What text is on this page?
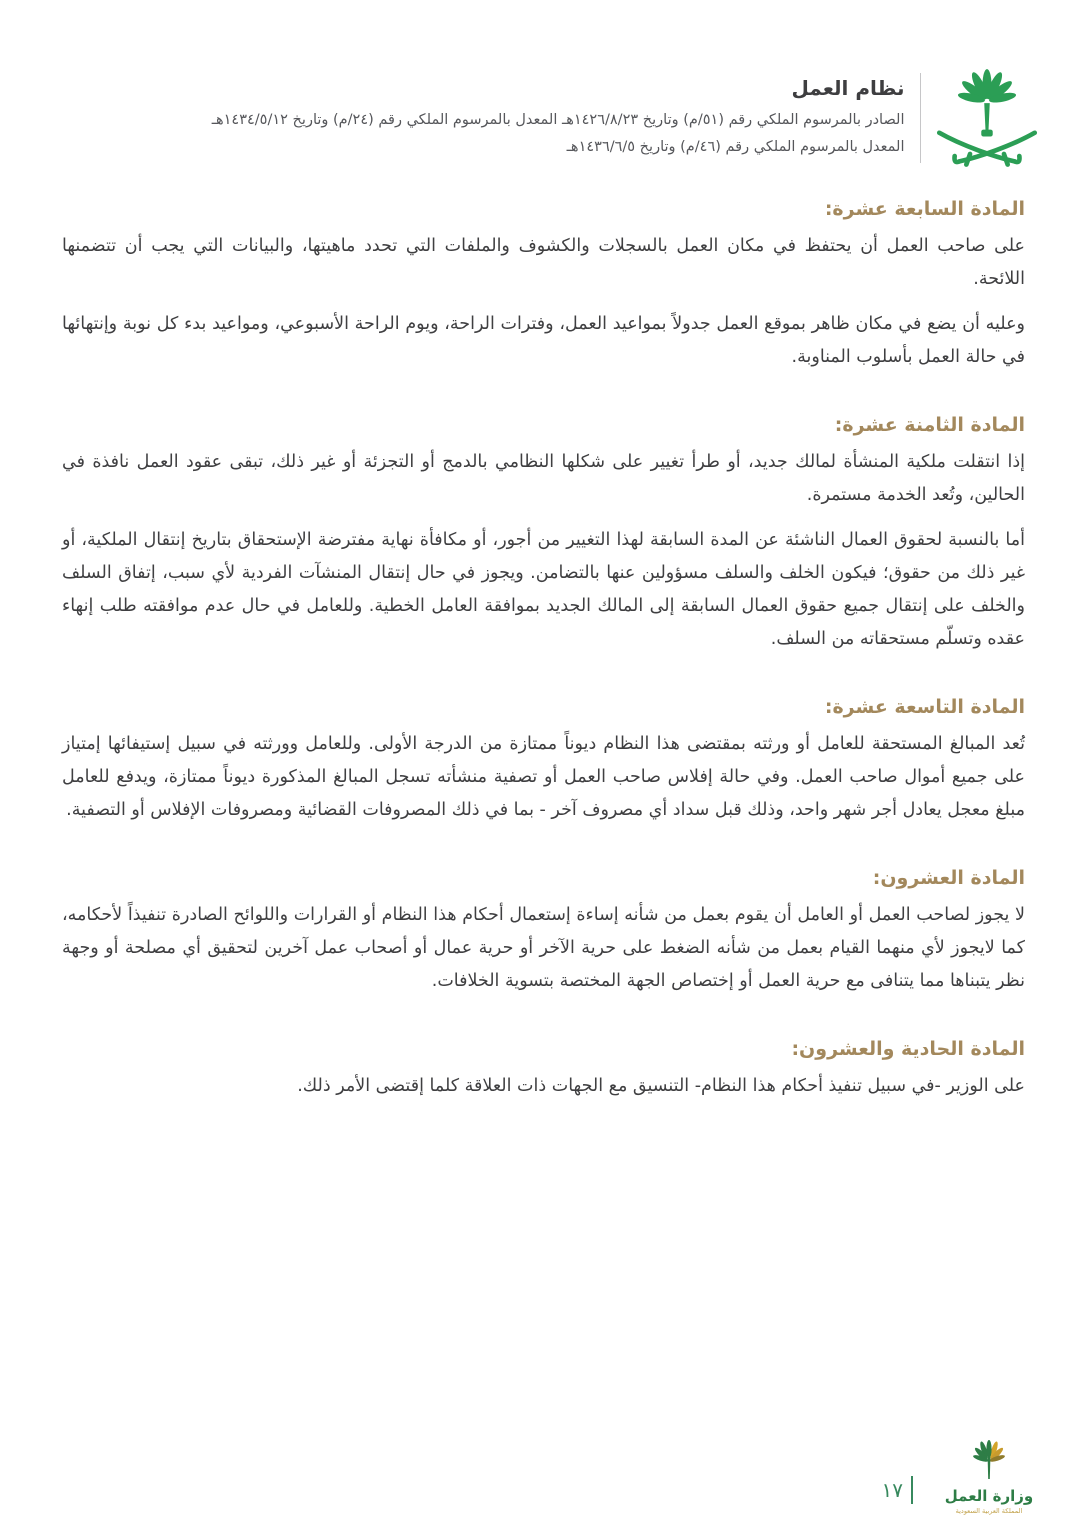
نظام العمل
الصادر بالمرسوم الملكي رقم (٥١/م) وتاريخ ١٤٢٦/٨/٢٣هـ المعدل بالمرسوم الملكي رقم (٢٤/م) وتاريخ ١٤٣٤/٥/١٢هـ
المعدل بالمرسوم الملكي رقم (٤٦/م) وتاريخ ١٤٣٦/٦/٥هـ
المادة السابعة عشرة:

على صاحب العمل أن يحتفظ في مكان العمل بالسجلات والكشوف والملفات التي تحدد ماهيتها، والبيانات التي يجب أن تتضمنها اللائحة.

وعليه أن يضع في مكان ظاهر بموقع العمل جدولاً بمواعيد العمل، وفترات الراحة، ويوم الراحة الأسبوعي، ومواعيد بدء كل نوبة وإنتهائها في حالة العمل بأسلوب المناوبة.

المادة الثامنة عشرة:

إذا انتقلت ملكية المنشأة لمالك جديد، أو طرأ تغيير على شكلها النظامي بالدمج أو التجزئة أو غير ذلك، تبقى عقود العمل نافذة في الحالين، وتُعد الخدمة مستمرة.

أما بالنسبة لحقوق العمال الناشئة عن المدة السابقة لهذا التغيير من أجور، أو مكافأة نهاية مفترضة الإستحقاق بتاريخ إنتقال الملكية، أو غير ذلك من حقوق؛ فيكون الخلف والسلف مسؤولين عنها بالتضامن. ويجوز في حال إنتقال المنشآت الفردية لأي سبب، إتفاق السلف والخلف على إنتقال جميع حقوق العمال السابقة إلى المالك الجديد بموافقة العامل الخطية. وللعامل في حال عدم موافقته طلب إنهاء عقده وتسلّم مستحقاته من السلف.

المادة التاسعة عشرة:

تُعد المبالغ المستحقة للعامل أو ورثته بمقتضى هذا النظام ديوناً ممتازة من الدرجة الأولى. وللعامل وورثته في سبيل إستيفائها إمتياز على جميع أموال صاحب العمل. وفي حالة إفلاس صاحب العمل أو تصفية منشأته تسجل المبالغ المذكورة ديوناً ممتازة، ويدفع للعامل مبلغ معجل يعادل أجر شهر واحد، وذلك قبل سداد أي مصروف آخر - بما في ذلك المصروفات القضائية ومصروفات الإفلاس أو التصفية.

المادة العشرون:

لا يجوز لصاحب العمل أو العامل أن يقوم بعمل من شأنه إساءة إستعمال أحكام هذا النظام أو القرارات واللوائح الصادرة تنفيذاً لأحكامه، كما لايجوز لأي منهما القيام بعمل من شأنه الضغط على حرية الآخر أو حرية عمال أو أصحاب عمل آخرين لتحقيق أي مصلحة أو وجهة نظر يتبناها مما يتنافى مع حرية العمل أو إختصاص الجهة المختصة بتسوية الخلافات.

المادة الحادية والعشرون:

على الوزير -في سبيل تنفيذ أحكام هذا النظام- التنسيق مع الجهات ذات العلاقة كلما إقتضى الأمر ذلك.

١٧	وزارة العمل
المملكة العربية السعودية
